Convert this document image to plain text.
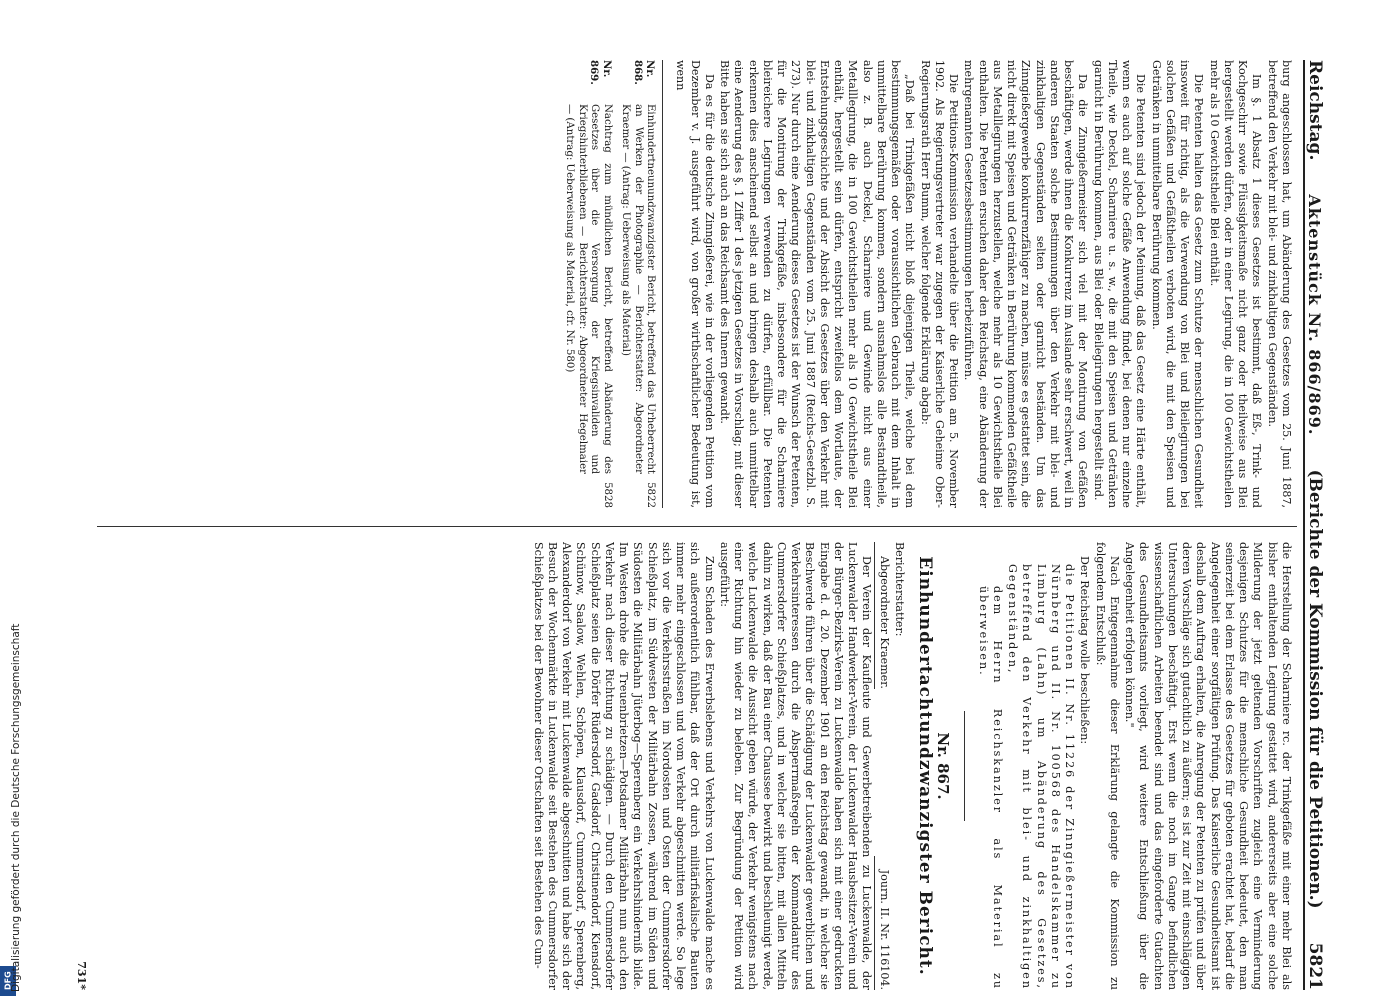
DFG
Digitalisierung gefördert durch die Deutsche Forschungsgemeinschaft
Reichstag.
Aktenstück Nr. 866/869.
(Berichte der Kommission für die Petitionen.)
5821

burg angeschlossen hat, um Abänderung des Gesetzes vom 25. Juni 1887, betreffend den Verkehr mit blei- und zinkhaltigen Gegenständen.

Im §. 1 Absatz 1 dieses Gesetzes ist bestimmt, daß Eß-, Trink- und Kochgeschirr sowie Flüssigkeitsmaße nicht ganz oder theilweise aus Blei hergestellt werden dürfen, oder in einer Legirung, die in 100 Gewichtstheilen mehr als 10 Gewichtstheile Blei enthält.

Die Petenten halten das Gesetz zum Schutze der menschlichen Gesundheit insoweit für richtig, als die Verwendung von Blei und Bleilegirungen bei solchen Gefäßen und Gefäßtheilen verboten wird, die mit den Speisen und Getränken in unmittelbare Berührung kommen.

Die Petenten sind jedoch der Meinung, daß das Gesetz eine Härte enthält, wenn es auch auf solche Gefäße Anwendung findet, bei denen nur einzelne Theile, wie Deckel, Scharniere u. s. w., die mit den Speisen und Getränken garnicht in Berührung kommen, aus Blei oder Bleilegirungen hergestellt sind.

Da die Zinngießermeister sich viel mit der Montirung von Gefäßen beschäftigen, werde ihnen die Konkurrenz im Auslande sehr erschwert, weil in anderen Staaten solche Bestimmungen über den Verkehr mit blei- und zinkhaltigen Gegenständen selten oder garnicht beständen. Um das Zinngießergewerbe konkurrenzfähiger zu machen, müsse es gestattet sein, die nicht direkt mit Speisen und Getränken in Berührung kommenden Gefäßtheile aus Metalllegirungen herzustellen, welche mehr als 10 Gewichtstheile Blei enthalten. Die Petenten ersuchen daher den Reichstag, eine Abänderung der mehrgenannten Gesetzesbestimmungen herbeizuführen.

Die Petitions-Kommission verhandelte über die Petition am 5. November 1902. Als Regierungsvertreter war zugegen der Kaiserliche Geheime Ober-Regierungsrath Herr Bumm, welcher folgende Erklärung abgab:

„Daß bei Trinkgefäßen nicht bloß diejenigen Theile, welche bei dem bestimmungsgemäßen oder voraussichtlichen Gebrauch mit dem Inhalt in unmittelbare Berührung kommen, sondern ausnahmslos alle Bestandtheile, also z. B. auch Deckel, Scharniere und Gewinde nicht aus einer Metalllegirung, die in 100 Gewichtstheilen mehr als 10 Gewichtstheile Blei enthält, hergestellt sein dürfen, entspricht zweifellos dem Wortlaute, der Entstehungsgeschichte und der Absicht des Gesetzes über den Verkehr mit blei- und zinkhaltigen Gegenständen vom 25. Juni 1887 (Reichs-Gesetzbl. S. 273). Nur durch eine Aenderung dieses Gesetzes ist der Wunsch der Petenten, für die Montirung der Trinkgefäße, insbesondere für die Scharniere bleireichere Legirungen verwenden zu dürfen, erfüllbar. Die Petenten erkennen dies anscheinend selbst an und bringen deshalb auch unmittelbar eine Aenderung des §. 1 Ziffer 1 des jetzigen Gesetzes in Vorschlag; mit dieser Bitte haben sie sich auch an das Reichsamt des Innern gewandt.

Da es für die deutsche Zinngießerei, wie in der vorliegenden Petition vom Dezember v. J. ausgeführt wird, von großer wirthschaftlicher Bedeutung ist, wenn

Nr. 868.
Einhundertneunundzwanzigster Bericht, betreffend das Urheberrecht an Werken der Photographie — Berichterstatter: Abgeordneter Kraemer — (Antrag: Ueberweisung als Material)
5822
Nr. 869.
Nachtrag zum mündlichen Bericht, betreffend Abänderung des Gesetzes über die Versorgung der Kriegsinvaliden und Kriegshinterbliebenen — Berichterstatter: Abgeordneter Hegelmaier — (Antrag: Ueberweisung als Material, cfr. Nr. 580)
5828

die Herstellung der Scharniere rc. der Trinkgefäße mit einer mehr Blei als bisher enthaltenden Legirung gestattet wird, andererseits aber eine solche Milderung der jetzt geltenden Vorschriften zugleich eine Verminderung desjenigen Schutzes für die menschliche Gesundheit bedeutet, den man seinerzeit bei dem Erlasse des Gesetzes für geboten erachtet hat, bedarf die Angelegenheit einer sorgfältigen Prüfung. Das Kaiserliche Gesundheitsamt ist deshalb dem Auftrag erhalten, die Anregung der Petenten zu prüfen und über deren Vorschläge sich gutachtlich zu äußern; es ist zur Zeit mit einschlägigen Untersuchungen beschäftigt. Erst wenn die noch im Gange befindlichen wissenschaftlichen Arbeiten beendet sind und das eingeforderte Gutachten des Gesundheitsamts vorliegt, wird weitere Entschließung über die Angelegenheit erfolgen können."

Nach Entgegennahme dieser Erklärung gelangte die Kommission zu folgendem Entschluß:

Der Reichstag wolle beschließen:

die Petitionen II. Nr. 11226 der Zinngießermeister von Nürnberg und II. Nr. 100568 des Handelskammer zu Limburg (Lahn) um Abänderung des Gesetzes, betreffend den Verkehr mit blei- und zinkhaltigen Gegenständen,

dem Herrn Reichskanzler als Material zu überweisen.

Nr. 867.
Einhundertachtundzwanzigster Bericht.

Berichterstatter:

Abgeordneter Kraemer.
Journ. II. Nr. 116104.

Der Verein der Kaufleute und Gewerbetreibenden zu Luckenwalde, der Luckenwalder Handwerker-Verein, der Luckenwalder Hausbesitzer-Verein und der Bürger-Bezirks-Verein zu Luckenwalde haben sich mit einer gedruckten Eingabe d. d. 20. Dezember 1901 an den Reichstag gewandt, in welcher sie Beschwerde führen über die Schädigung der Luckenwalder gewerblichen und Verkehrsinteressen durch die Absperrmaßregeln der Kommandantur des Cummersdorfer Schießplatzes, und in welcher sie bitten, mit allen Mitteln dahin zu wirken, daß der Bau einer Chaussee bewirkt und beschleunigt werde, welche Luckenwalde die Aussicht geben würde, der Verkehr wenigstens nach einer Richtung hin wieder zu beleben. Zur Begründung der Petition wird ausgeführt:

Zum Schaden des Erwerbslebens und Verkehrs von Luckenwalde mache es sich außerordentlich fühlbar, daß der Ort durch militärfiskalische Bauten immer mehr eingeschlossen und vom Verkehr abgeschnitten werde. So lege sich vor die Verkehrsstraßen im Nordosten und Osten der Cummersdorfer Schießplatz, im Südwesten der Militärbahn Zossen, während im Süden und Südosten die Militärbahn Jüterbog—Sperenberg ein Verkehrshinderniß bilde. Im Westen drohe die Treuenbrietzen—Potsdamer Militärbahn nun auch den Verkehr nach dieser Richtung zu schädigen. — Durch den Cummersdorfer Schießplatz seien die Dörfer Rüdersdorf, Gadsdorf, Christinendorf, Kiensdorf, Schünow, Saalow, Wehlen, Schöpen, Klausdorf, Cummersdorf, Sperenberg, Alexanderdorf von Verkehr mit Luckenwalde abgeschnitten und habe sich der Besuch der Wochenmärkte in Luckenwalde seit Bestehen des Cummersdorfer Schießplatzes bei der Bewohner dieser Ortschaften seit Bestehen des Cum-

731*
